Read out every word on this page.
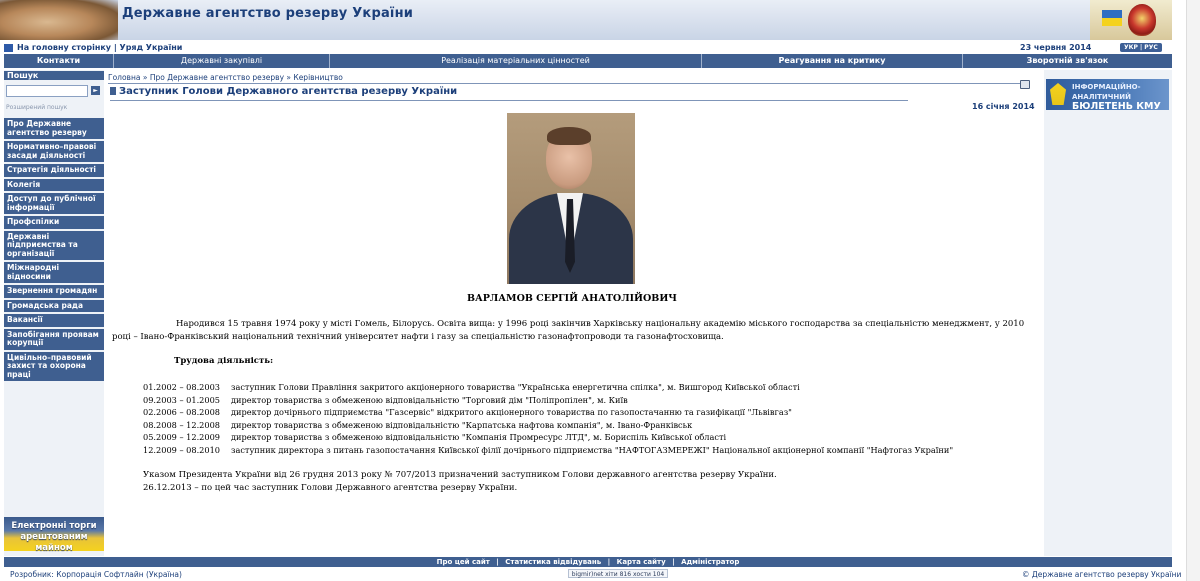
Державне агентство резерву України
На головну сторінку | Уряд України	23 червня 2014	УКР | РУС
Контакти	Державні закупівлі	Реалізація матеріальних цінностей	Реагування на критику	Зворотній зв'язок
Пошук
►
Розширений пошук
Про Державне агентство резерву
Нормативно–правові засади діяльності
Стратегія діяльності
Колегія
Доступ до публічної інформації
Профспілки
Державні підприємства та організації
Міжнародні відносини
Звернення громадян
Громадська рада
Вакансії
Запобігання проявам корупції
Цивільно–правовий захист та охорона праці
Електронні торги арештованим майном
Головна » Про Державне агентство резерву » Керівництво
Заступник Голови Державного агентства резерву України
16 січня 2014
ВАРЛАМОВ СЕРГІЙ АНАТОЛІЙОВИЧ

Народився 15 травня 1974 року у місті Гомель, Білорусь. Освіта вища: у 1996 році закінчив Харківську національну академію міського господарства за спеціальністю менеджмент, у 2010 році – Івано-Франківський національний технічний університет нафти і газу за спеціальністю газонафтопроводи та газонафтосховища.

Трудова діяльність:
01.2002 – 08.2003 заступник Голови Правління закритого акціонерного товариства "Українська енергетична спілка", м. Вишгород Київської області
09.2003 – 01.2005 директор товариства з обмеженою відповідальністю "Торговий дім "Поліпропілен", м. Київ
02.2006 – 08.2008 директор дочірнього підприємства "Газсервіс" відкритого акціонерного товариства по газопостачанню та газифікації "Львівгаз"
08.2008 – 12.2008 директор товариства з обмеженою відповідальністю "Карпатська нафтова компанія", м. Івано-Франківськ
05.2009 – 12.2009 директор товариства з обмеженою відповідальністю "Компанія Промресурс ЛТД", м. Бориспіль Київської області
12.2009 – 08.2010 заступник директора з питань газопостачання Київської філії дочірнього підприємства "НАФТОГАЗМЕРЕЖІ" Національної акціонерної компанії "Нафтогаз України"
Указом Президента України від 26 грудня 2013 року № 707/2013 призначений заступником Голови державного агентства резерву України.
26.12.2013 – по цей час заступник Голови Державного агентства резерву України.
ІНФОРМАЦІЙНО-АНАЛІТИЧНИЙ
БЮЛЕТЕНЬ КМУ
Про цей сайт | Статистика відвідувань | Карта сайту | Адміністратор
Розробник: Корпорація Софтлайн (Україна)	bigmir)net хіти 816 хости 104	© Державне агентство резерву України
